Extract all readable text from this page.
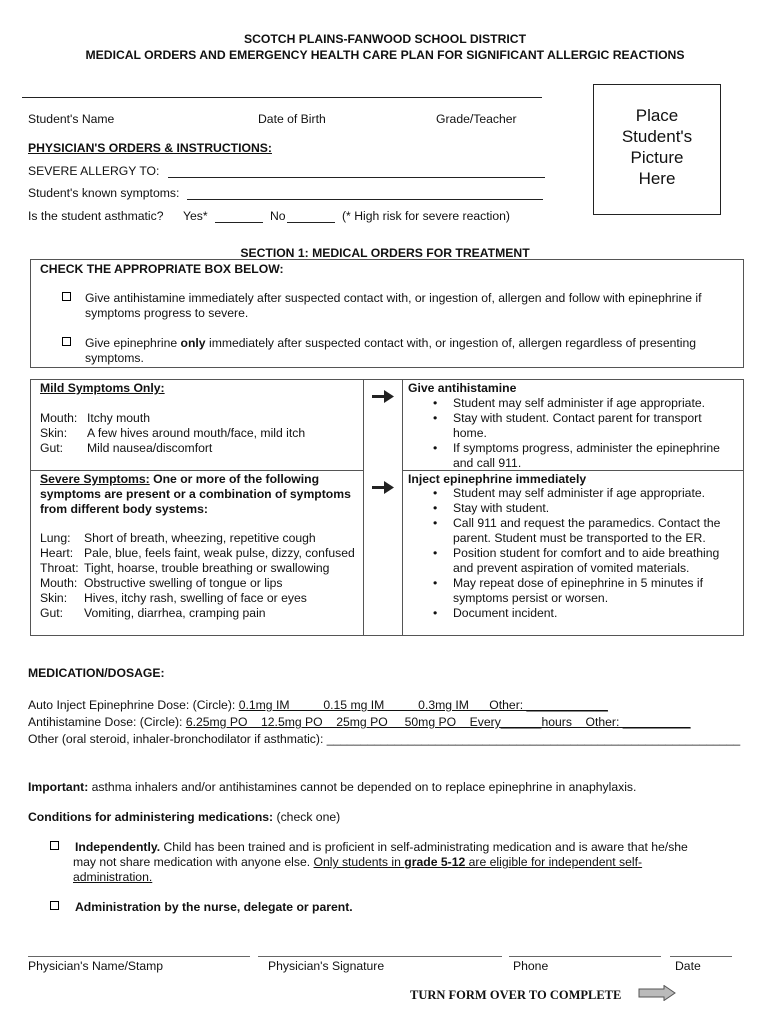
SCOTCH PLAINS-FANWOOD SCHOOL DISTRICT
MEDICAL ORDERS AND EMERGENCY HEALTH CARE PLAN FOR SIGNIFICANT ALLERGIC REACTIONS
Student's Name	Date of Birth	Grade/Teacher	Place
Student's
Picture
Here
PHYSICIAN'S ORDERS & INSTRUCTIONS:
SEVERE ALLERGY TO:
Student's known symptoms:
Is the student asthmatic? Yes*	No	(* High risk for severe reaction)
SECTION 1: MEDICAL ORDERS FOR TREATMENT
CHECK THE APPROPRIATE BOX BELOW:
Give antihistamine immediately after suspected contact with, or ingestion of, allergen and follow with epinephrine if
symptoms progress to severe.
Give epinephrine only immediately after suspected contact with, or ingestion of, allergen regardless of presenting
symptoms.
Mild Symptoms Only:
Mouth: Itchy mouth
Skin:	A few hives around mouth/face, mild itch
Gut:	Mild nausea/discomfort
Give antihistamine
• Student may self administer if age appropriate.
• Stay with student. Contact parent for transport home.
• If symptoms progress, administer the epinephrine and call 911.
Severe Symptoms: One or more of the following symptoms are present or a combination of symptoms from different body systems:
Lung: Short of breath, wheezing, repetitive cough
Heart: Pale, blue, feels faint, weak pulse, dizzy, confused
Throat: Tight, hoarse, trouble breathing or swallowing
Mouth: Obstructive swelling of tongue or lips
Skin: Hives, itchy rash, swelling of face or eyes
Gut: Vomiting, diarrhea, cramping pain
Inject epinephrine immediately
• Student may self administer if age appropriate.
• Stay with student.
• Call 911 and request the paramedics. Contact the parent. Student must be transported to the ER.
• Position student for comfort and to aide breathing and prevent aspiration of vomited materials.
• May repeat dose of epinephrine in 5 minutes if symptoms persist or worsen.
• Document incident.
MEDICATION/DOSAGE:
Auto Inject Epinephrine Dose: (Circle): 0.1mg IM          0.15 mg IM          0.3mg IM      Other: ____________
Antihistamine Dose: (Circle): 6.25mg PO    12.5mg PO    25mg PO     50mg PO    Every______hours    Other: __________
Other (oral steroid, inhaler-bronchodilator if asthmatic): _____________________________________________________________
Important: asthma inhalers and/or antihistamines cannot be depended on to replace epinephrine in anaphylaxis.
Conditions for administering medications: (check one)
Independently. Child has been trained and is proficient in self-administrating medication and is aware that he/she
may not share medication with anyone else. Only students in grade 5-12 are eligible for independent self-
administration.
Administration by the nurse, delegate or parent.
Physician's Name/Stamp	Physician's Signature	Phone	Date
TURN FORM OVER TO COMPLETE
